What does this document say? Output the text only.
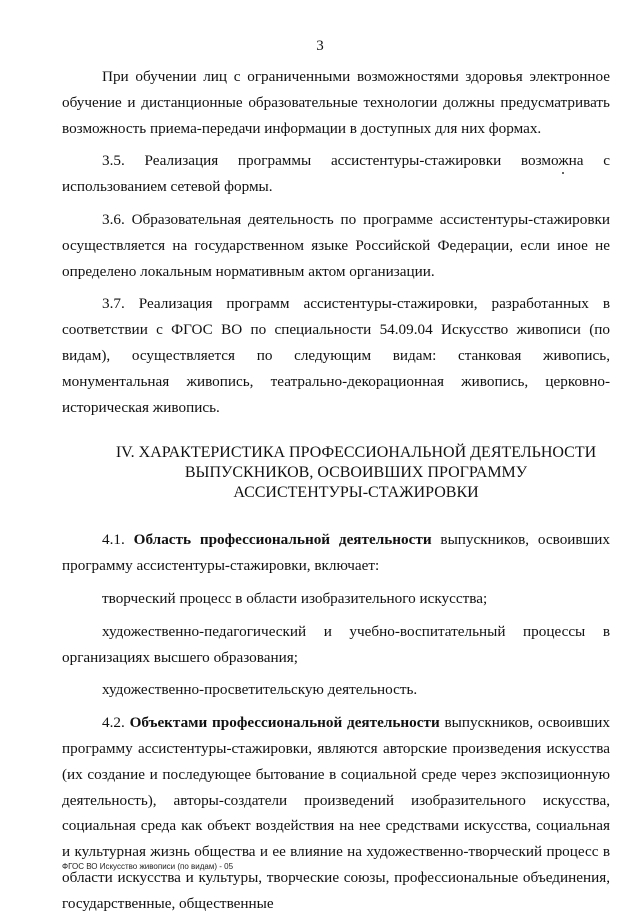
3

При обучении лиц с ограниченными возможностями здоровья электронное обучение и дистанционные образовательные технологии должны предусматривать возможность приема-передачи информации в доступных для них формах.

3.5. Реализация программы ассистентуры-стажировки возможна с использованием сетевой формы.

3.6. Образовательная деятельность по программе ассистентуры-стажировки осуществляется на государственном языке Российской Федерации, если иное не определено локальным нормативным актом организации.

3.7. Реализация программ ассистентуры-стажировки, разработанных в соответствии с ФГОС ВО по специальности 54.09.04 Искусство живописи (по видам), осуществляется по следующим видам: станковая живопись, монументальная живопись, театрально-декорационная живопись, церковно-историческая живопись.

IV. ХАРАКТЕРИСТИКА ПРОФЕССИОНАЛЬНОЙ ДЕЯТЕЛЬНОСТИ
ВЫПУСКНИКОВ, ОСВОИВШИХ ПРОГРАММУ
АССИСТЕНТУРЫ-СТАЖИРОВКИ

4.1. Область профессиональной деятельности выпускников, освоивших программу ассистентуры-стажировки, включает:

творческий процесс в области изобразительного искусства;

художественно-педагогический и учебно-воспитательный процессы в организациях высшего образования;

художественно-просветительскую деятельность.

4.2. Объектами профессиональной деятельности выпускников, освоивших программу ассистентуры-стажировки, являются авторские произведения искусства (их создание и последующее бытование в социальной среде через экспозиционную деятельность), авторы-создатели произведений изобразительного искусства, социальная среда как объект воздействия на нее средствами искусства, социальная и культурная жизнь общества и ее влияние на художественно-творческий процесс в области искусства и культуры, творческие союзы, профессиональные объединения, государственные, общественные

ФГОС ВО Искусство живописи (по видам) - 05
